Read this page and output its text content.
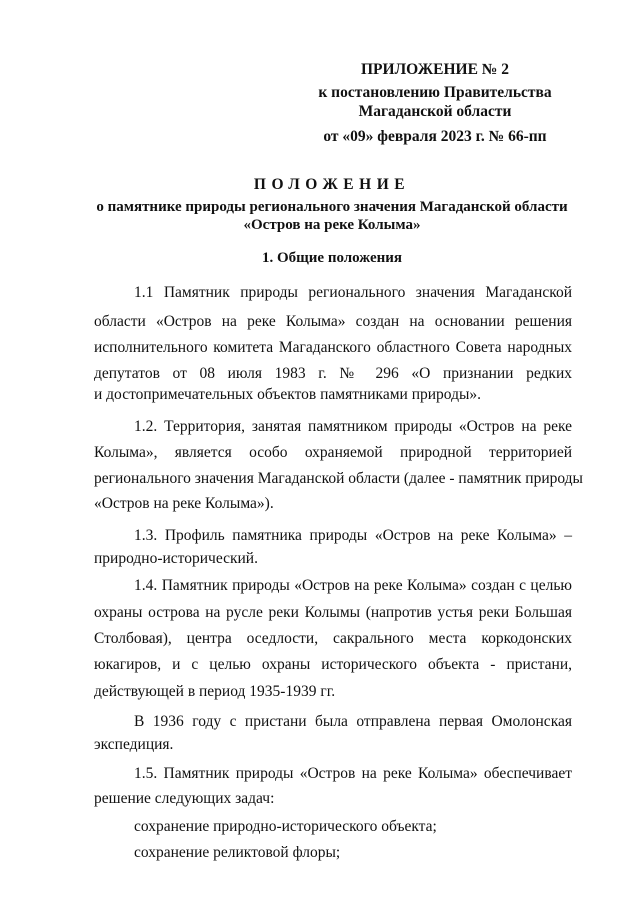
ПРИЛОЖЕНИЕ № 2
к постановлению Правительства
Магаданской области
от «09» февраля 2023 г. № 66-пп
ПОЛОЖЕНИЕ
о памятнике природы регионального значения Магаданской области
«Остров на реке Колыма»
1. Общие положения
1.1 Памятник природы регионального значения Магаданской
области «Остров на реке Колыма» создан на основании решения
исполнительного комитета Магаданского областного Совета народных
депутатов от 08 июля 1983 г. № 296 «О признании редких
и достопримечательных объектов памятниками природы».
1.2. Территория, занятая памятником природы «Остров на реке
Колыма», является особо охраняемой природной территорией
регионального значения Магаданской области (далее - памятник природы
«Остров на реке Колыма»).
1.3. Профиль памятника природы «Остров на реке Колыма» –
природно-исторический.
1.4. Памятник природы «Остров на реке Колыма» создан с целью
охраны острова на русле реки Колымы (напротив устья реки Большая
Столбовая), центра оседлости, сакрального места коркодонских
юкагиров, и с целью охраны исторического объекта - пристани,
действующей в период 1935-1939 гг.
В 1936 году с пристани была отправлена первая Омолонская
экспедиция.
1.5. Памятник природы «Остров на реке Колыма» обеспечивает
решение следующих задач:
сохранение природно-исторического объекта;
сохранение реликтовой флоры;
